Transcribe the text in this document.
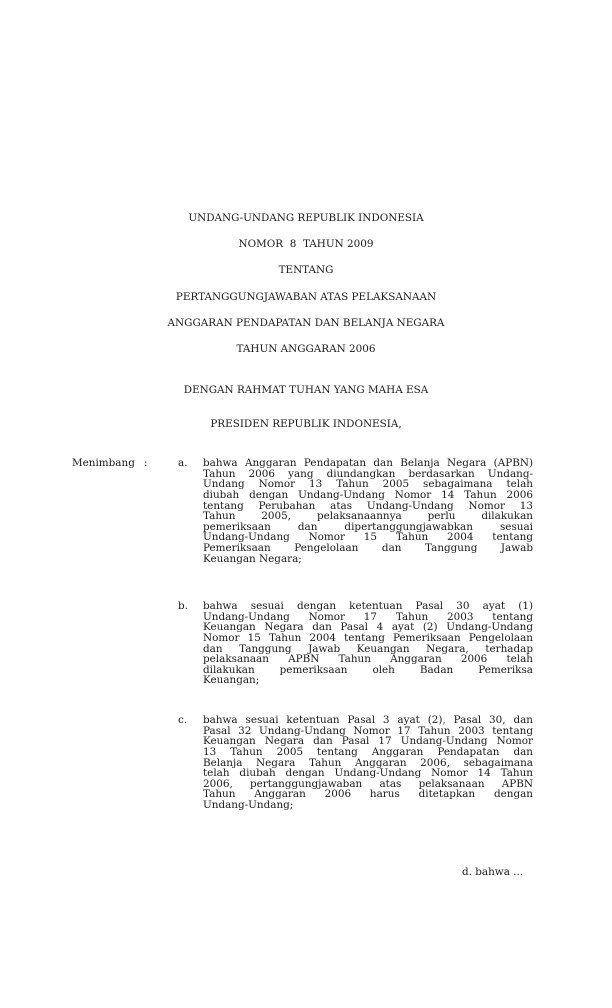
UNDANG-UNDANG REPUBLIK INDONESIA
NOMOR  8  TAHUN 2009
TENTANG
PERTANGGUNGJAWABAN ATAS PELAKSANAAN
ANGGARAN PENDAPATAN DAN BELANJA NEGARA
TAHUN ANGGARAN 2006
DENGAN RAHMAT TUHAN YANG MAHA ESA
PRESIDEN REPUBLIK INDONESIA,
Menimbang :	a. bahwa Anggaran Pendapatan dan Belanja Negara (APBN)
Tahun 2006 yang diundangkan berdasarkan Undang-
Undang Nomor 13 Tahun 2005 sebagaimana telah
diubah dengan Undang-Undang Nomor 14 Tahun 2006
tentang Perubahan atas Undang-Undang Nomor 13
Tahun 2005, pelaksanaannya perlu dilakukan
pemeriksaan dan dipertanggungjawabkan sesuai
Undang-Undang Nomor 15 Tahun 2004 tentang
Pemeriksaan Pengelolaan dan Tanggung Jawab
Keuangan Negara;
b. bahwa sesuai dengan ketentuan Pasal 30 ayat (1)
Undang-Undang Nomor 17 Tahun 2003 tentang
Keuangan Negara dan Pasal 4 ayat (2) Undang-Undang
Nomor 15 Tahun 2004 tentang Pemeriksaan Pengelolaan
dan Tanggung Jawab Keuangan Negara, terhadap
pelaksanaan APBN Tahun Anggaran 2006 telah
dilakukan pemeriksaan oleh Badan Pemeriksa
Keuangan;
c. bahwa sesuai ketentuan Pasal 3 ayat (2), Pasal 30, dan
Pasal 32 Undang-Undang Nomor 17 Tahun 2003 tentang
Keuangan Negara dan Pasal 17 Undang-Undang Nomor
13 Tahun 2005 tentang Anggaran Pendapatan dan
Belanja Negara Tahun Anggaran 2006, sebagaimana
telah diubah dengan Undang-Undang Nomor 14 Tahun
2006, pertanggungjawaban atas pelaksanaan APBN
Tahun Anggaran 2006 harus ditetapkan dengan
Undang-Undang;
d. bahwa ...
